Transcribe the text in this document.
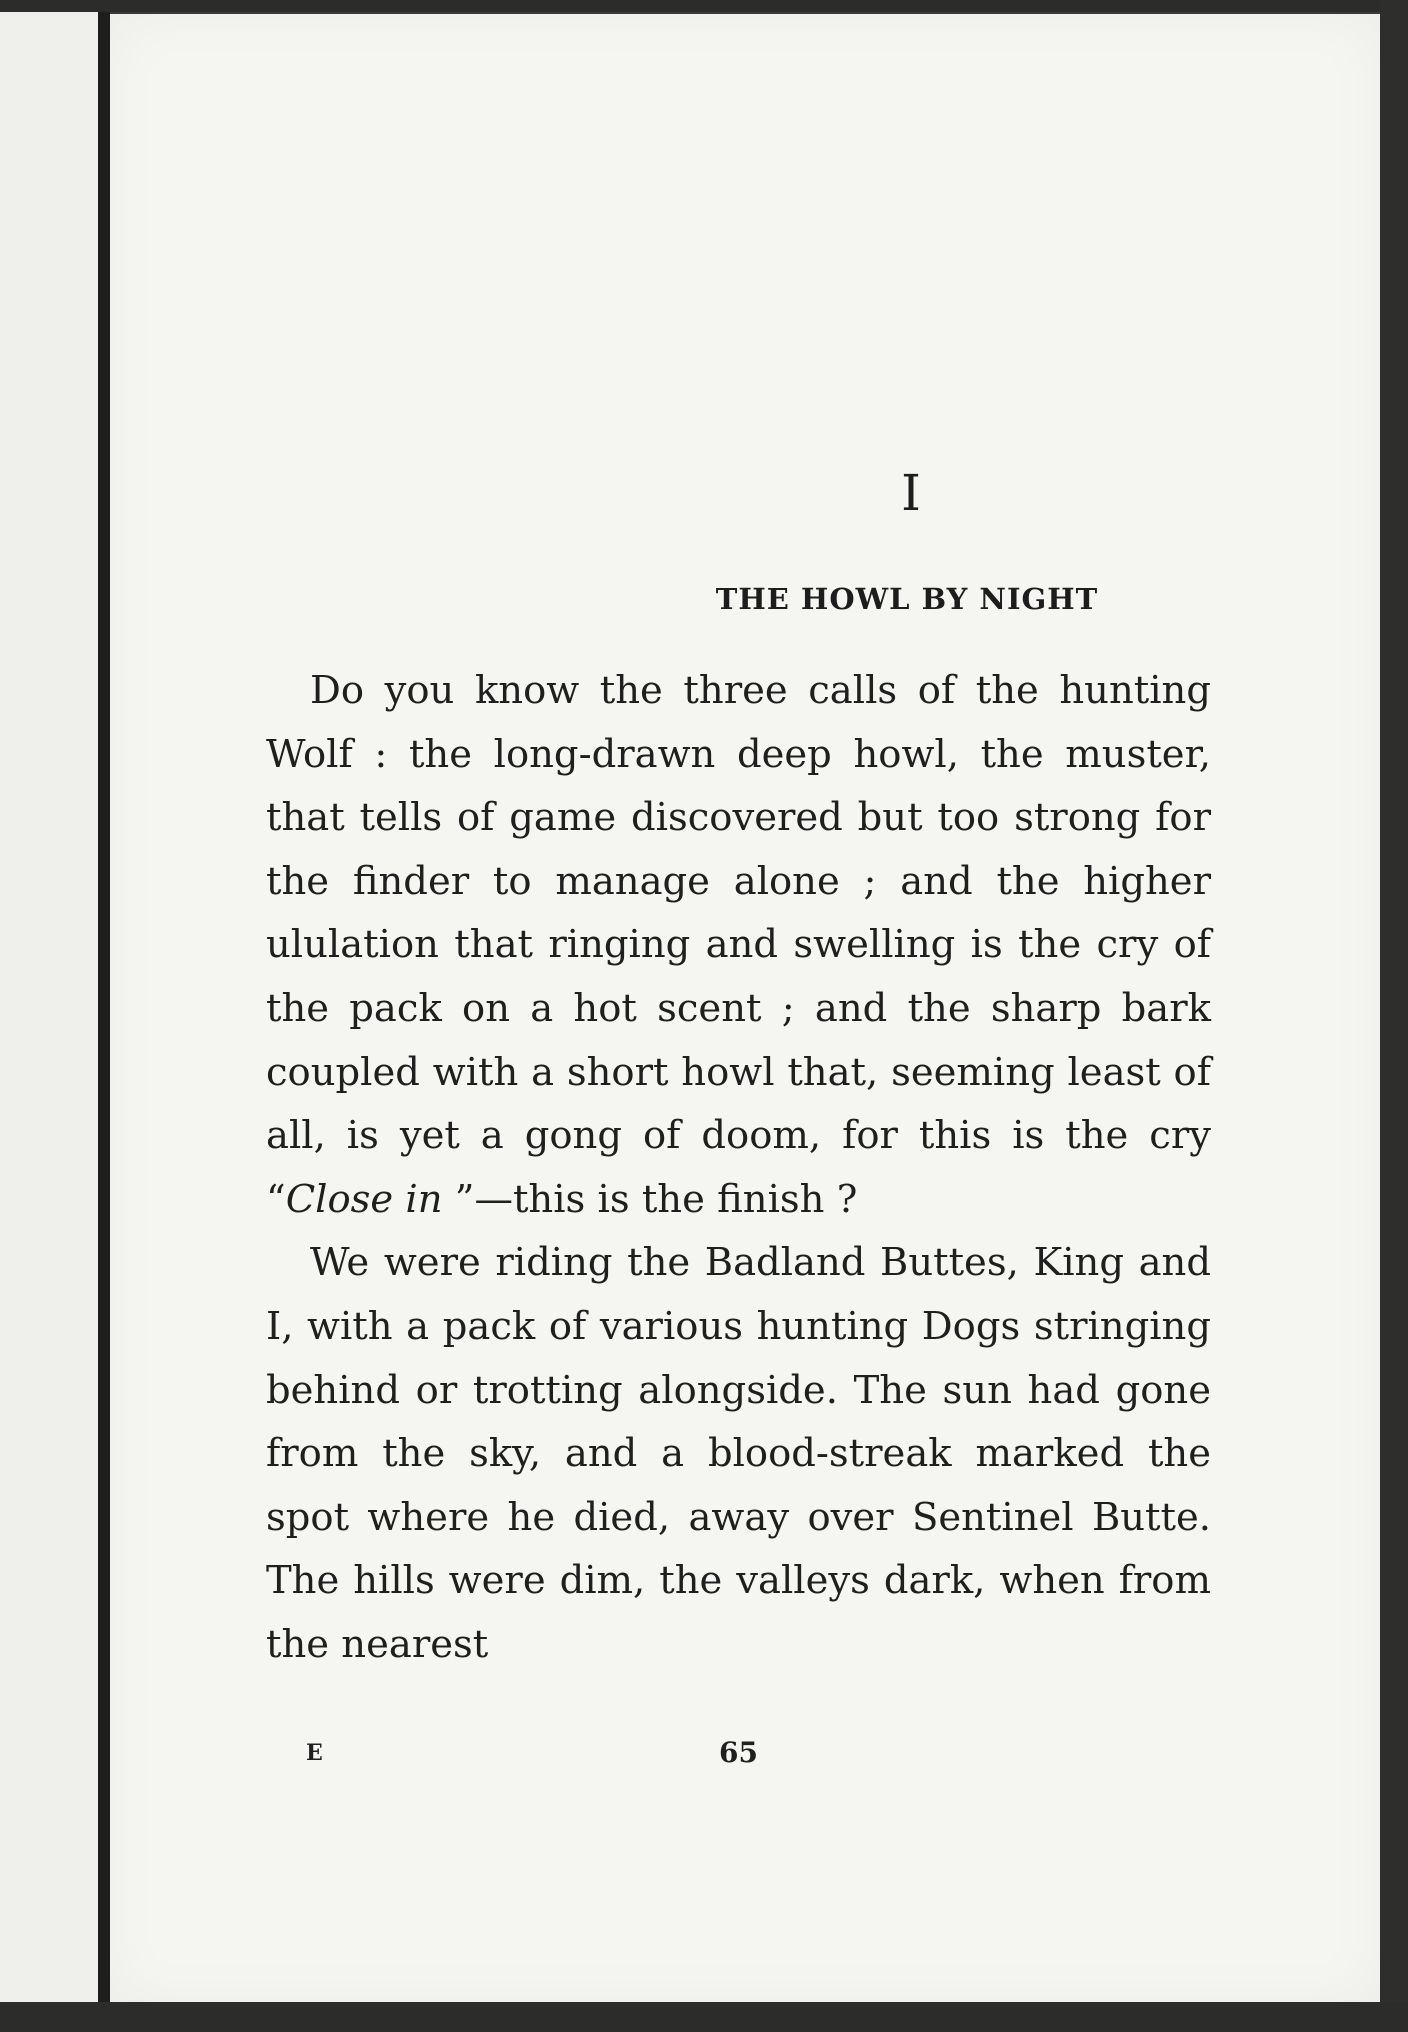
I
THE HOWL BY NIGHT

Do you know the three calls of the hunting Wolf : the long-drawn deep howl, the muster, that tells of game discovered but too strong for the finder to manage alone ; and the higher ululation that ringing and swelling is the cry of the pack on a hot scent ; and the sharp bark coupled with a short howl that, seeming least of all, is yet a gong of doom, for this is the cry “Close in ”—this is the finish ?

We were riding the Badland Buttes, King and I, with a pack of various hunting Dogs stringing behind or trotting alongside. The sun had gone from the sky, and a blood-streak marked the spot where he died, away over Sentinel Butte. The hills were dim, the valleys dark, when from the nearest

E	65
